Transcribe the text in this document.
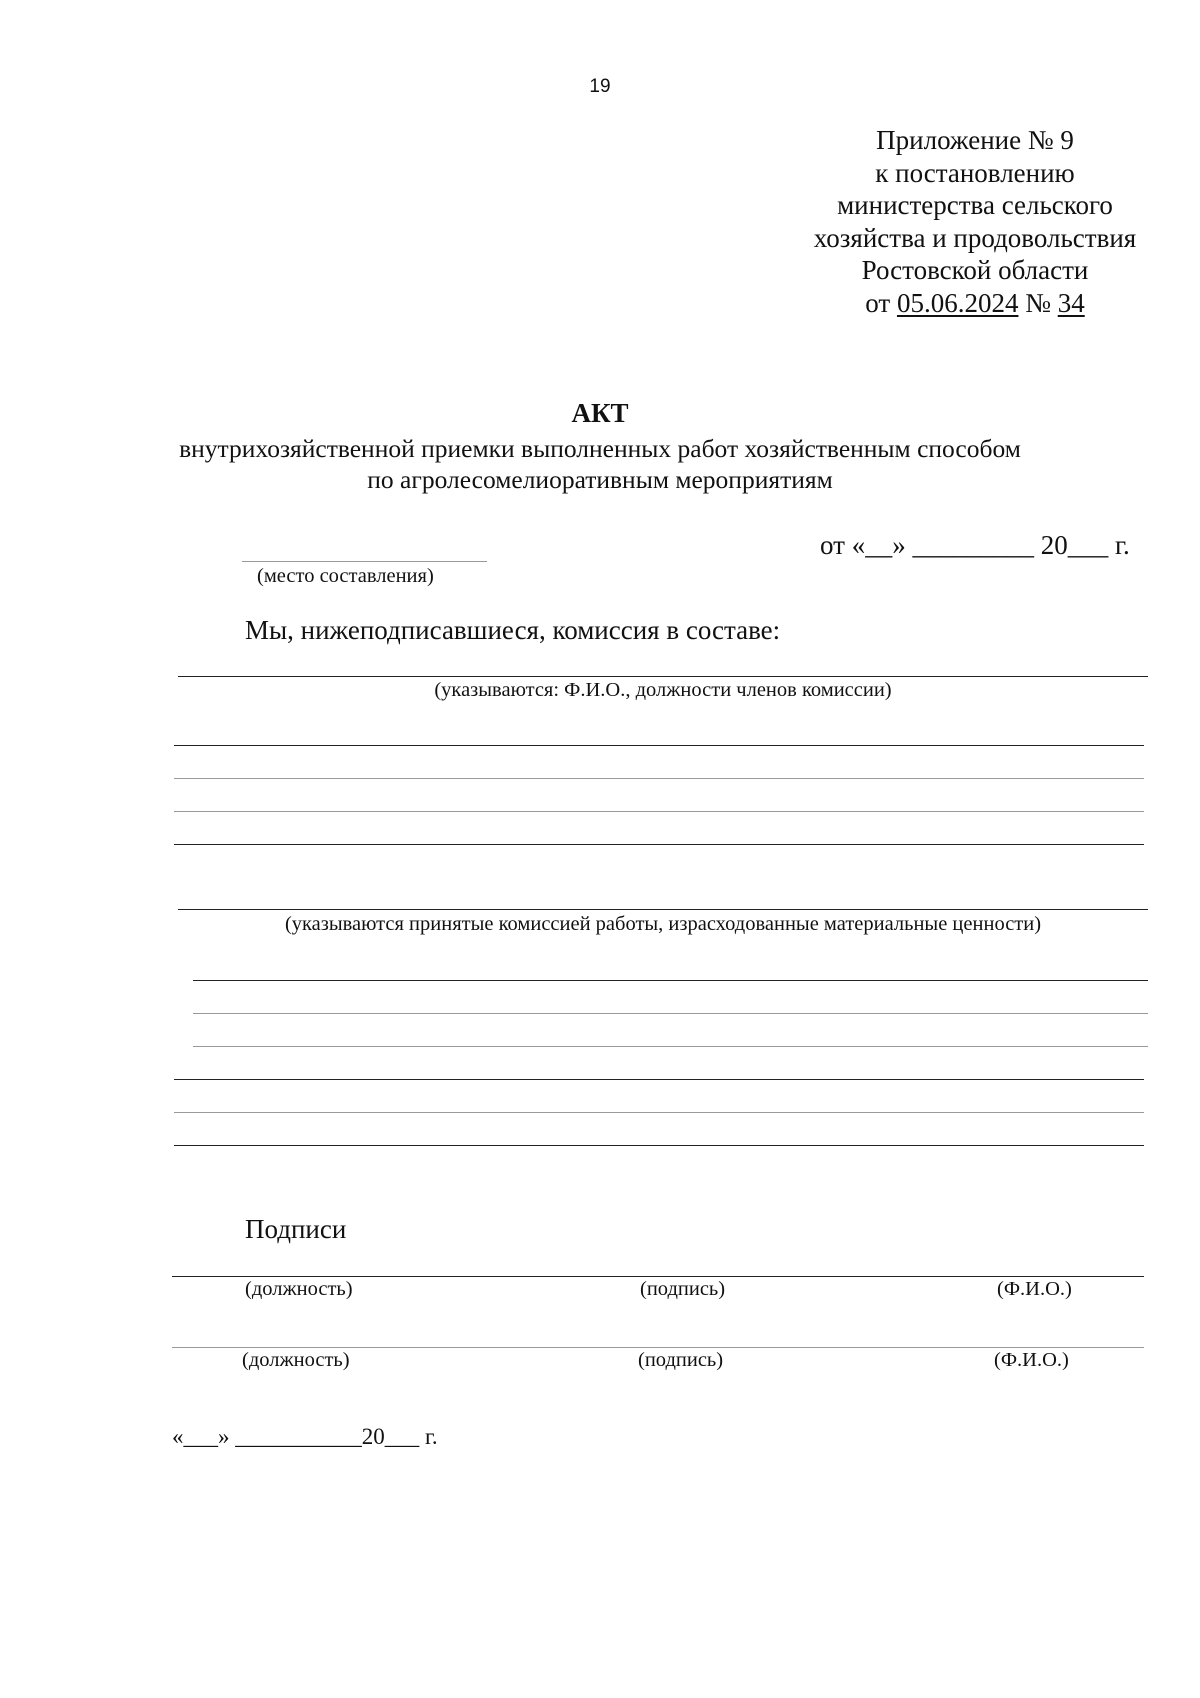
19
Приложение № 9
к постановлению
министерства сельского
хозяйства и продовольствия
Ростовской области
от 05.06.2024 № 34
АКТ
внутрихозяйственной приемки выполненных работ хозяйственным способом
по агролесомелиоративным мероприятиям
(место составления)
от «__» _________ 20___ г.
Мы, нижеподписавшиеся, комиссия в составе:
(указываются: Ф.И.О., должности членов комиссии)
(указываются принятые комиссией работы, израсходованные материальные ценности)
Подписи
(должность)	(подпись)	(Ф.И.О.)
(должность)	(подпись)	(Ф.И.О.)
«___» ___________20___ г.
